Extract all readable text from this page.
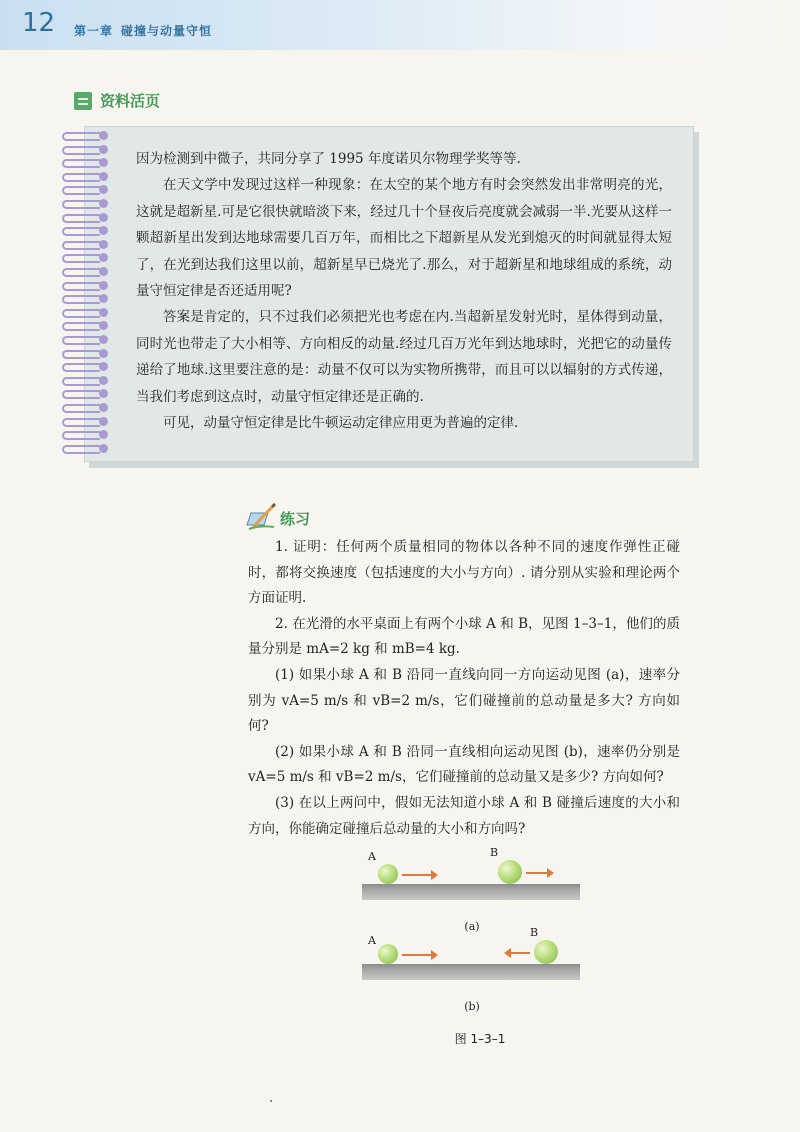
12 第一章 碰撞与动量守恒
资料活页

因为检测到中微子，共同分享了 1995 年度诺贝尔物理学奖等等.

在天文学中发现过这样一种现象：在太空的某个地方有时会突然发出非常明亮的光，这就是超新星.可是它很快就暗淡下来，经过几十个昼夜后亮度就会减弱一半.光要从这样一颗超新星出发到达地球需要几百万年，而相比之下超新星从发光到熄灭的时间就显得太短了，在光到达我们这里以前，超新星早已烧光了.那么，对于超新星和地球组成的系统，动量守恒定律是否还适用呢?

答案是肯定的，只不过我们必须把光也考虑在内.当超新星发射光时，星体得到动量，同时光也带走了大小相等、方向相反的动量.经过几百万光年到达地球时，光把它的动量传递给了地球.这里要注意的是：动量不仅可以为实物所携带，而且可以以辐射的方式传递，当我们考虑到这点时，动量守恒定律还是正确的.

可见，动量守恒定律是比牛顿运动定律应用更为普遍的定律.

练习

1. 证明：任何两个质量相同的物体以各种不同的速度作弹性正碰时，都将交换速度（包括速度的大小与方向）. 请分别从实验和理论两个方面证明.

2. 在光滑的水平桌面上有两个小球 A 和 B，见图 1–3–1，他们的质量分别是 mA=2 kg 和 mB=4 kg.

(1) 如果小球 A 和 B 沿同一直线向同一方向运动见图 (a)，速率分别为 vA=5 m/s 和 vB=2 m/s，它们碰撞前的总动量是多大? 方向如何?

(2) 如果小球 A 和 B 沿同一直线相向运动见图 (b)，速率仍分别是 vA=5 m/s 和 vB=2 m/s，它们碰撞前的总动量又是多少? 方向如何?

(3) 在以上两问中，假如无法知道小球 A 和 B 碰撞后速度的大小和方向，你能确定碰撞后总动量的大小和方向吗?

A	B
(a)
A
B
(b)
图 1–3–1
